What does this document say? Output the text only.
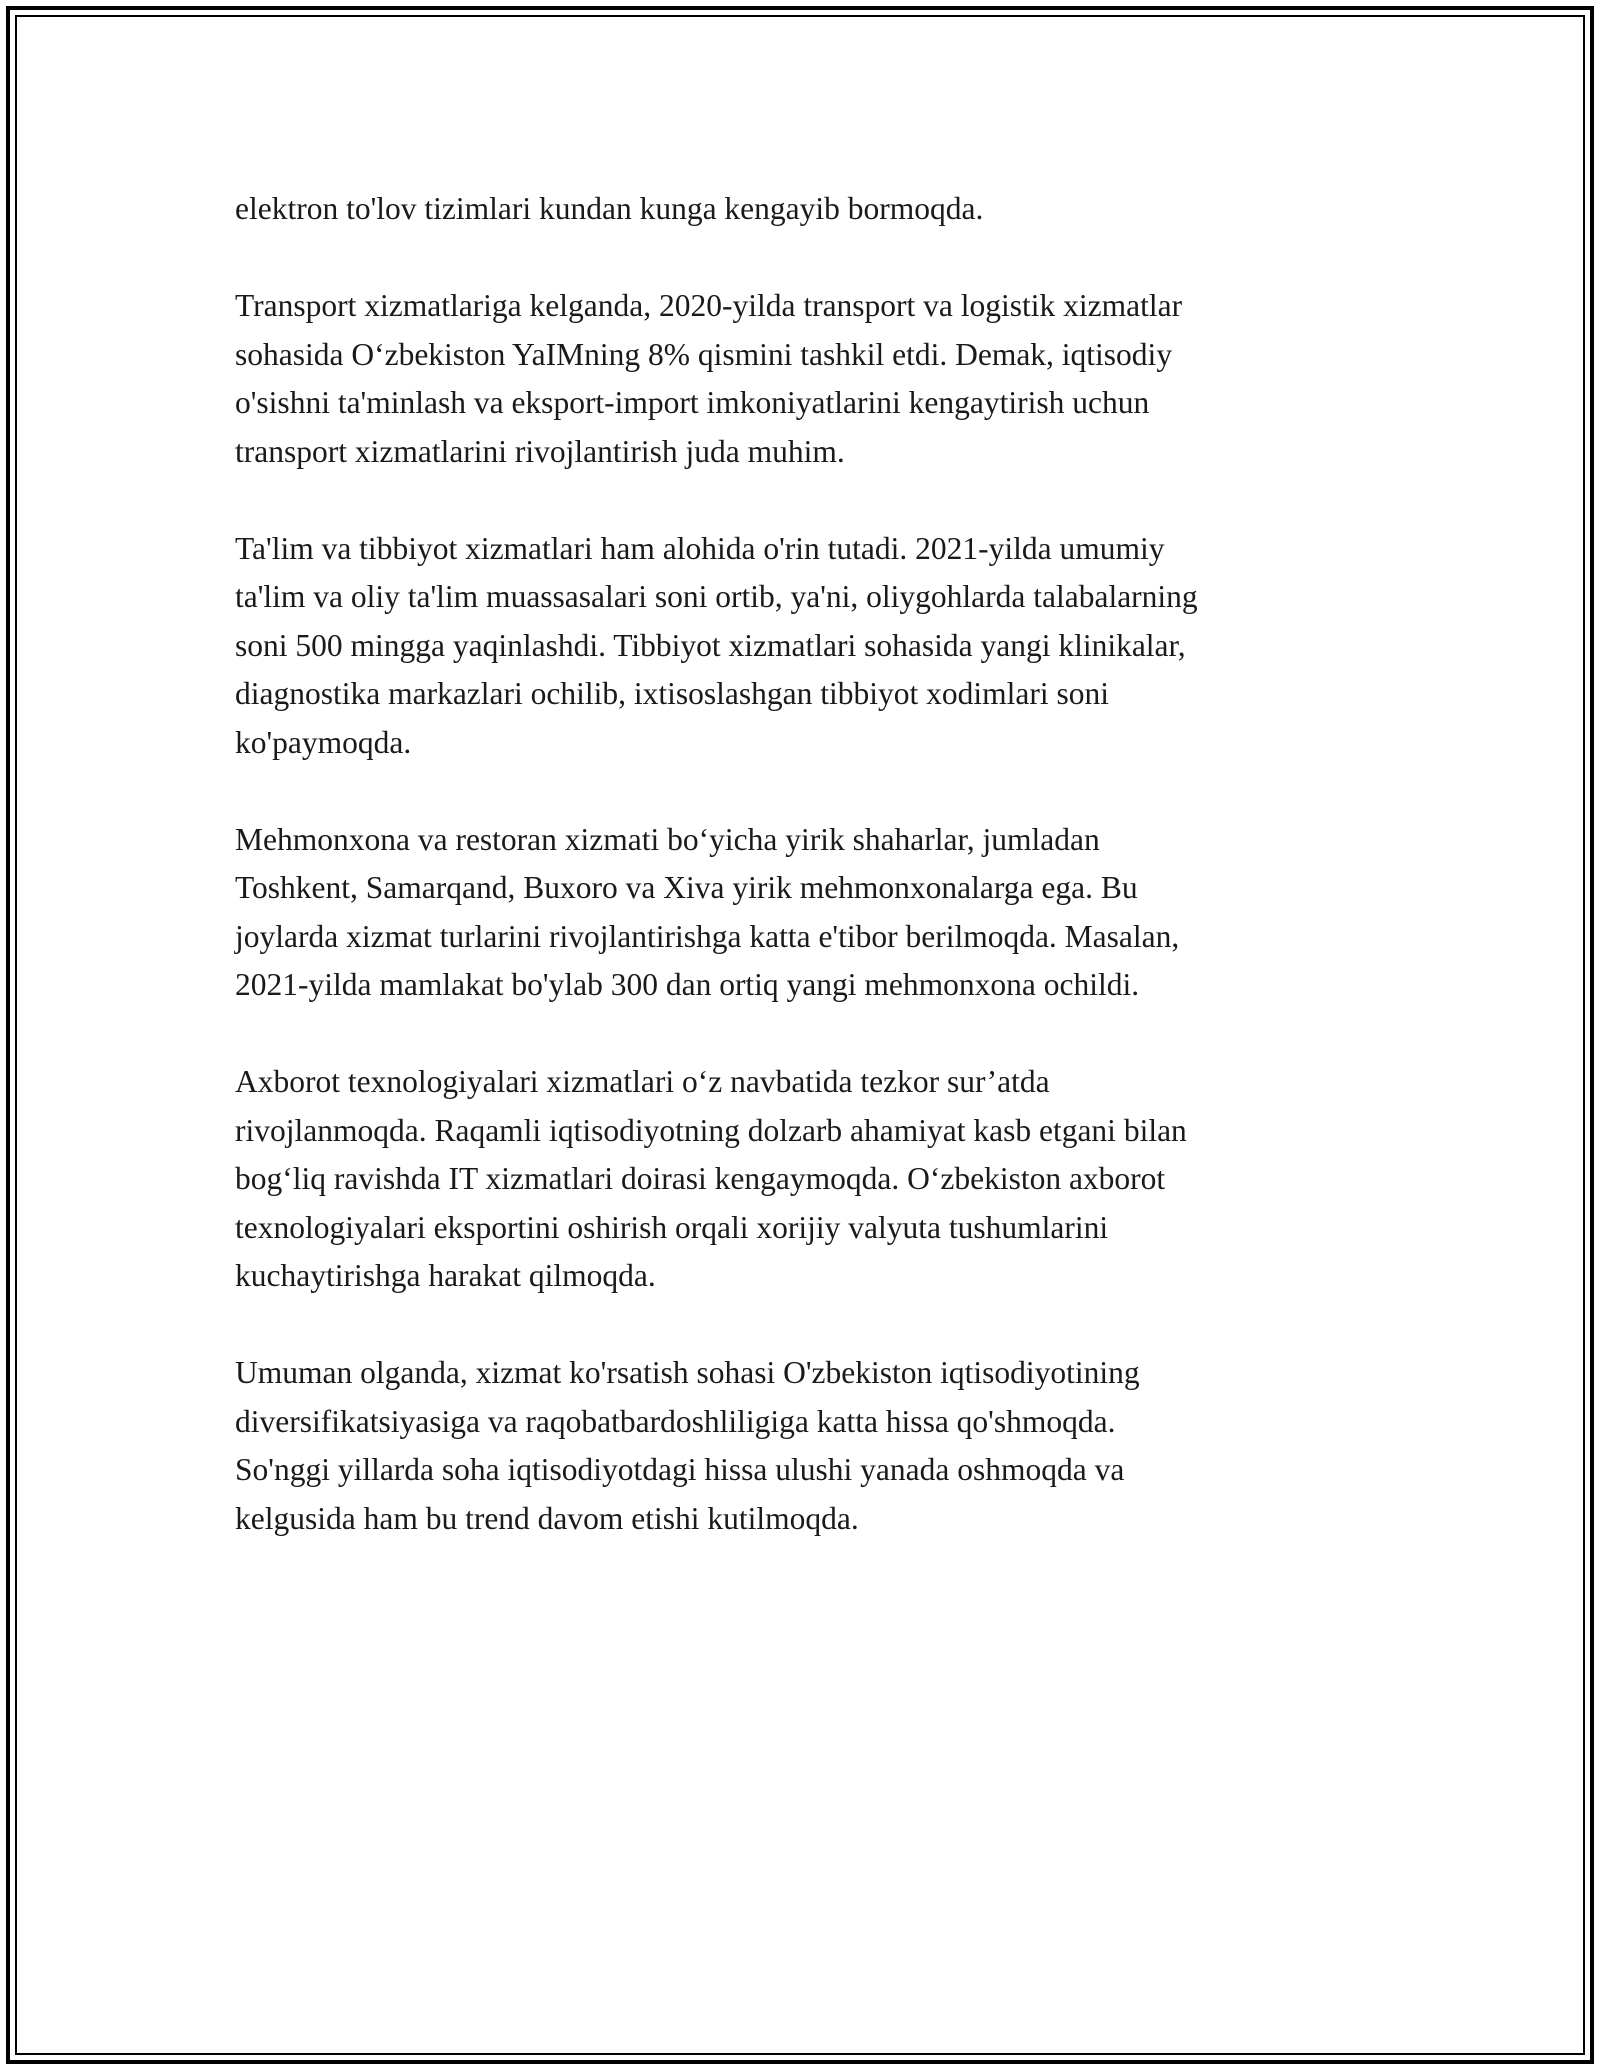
elektron to'lov tizimlari kundan kunga kengayib bormoqda.

Transport xizmatlariga kelganda, 2020-yilda transport va logistik xizmatlar
sohasida O‘zbekiston YaIMning 8% qismini tashkil etdi. Demak, iqtisodiy
o'sishni ta'minlash va eksport-import imkoniyatlarini kengaytirish uchun
transport xizmatlarini rivojlantirish juda muhim.

Ta'lim va tibbiyot xizmatlari ham alohida o'rin tutadi. 2021-yilda umumiy
ta'lim va oliy ta'lim muassasalari soni ortib, ya'ni, oliygohlarda talabalarning
soni 500 mingga yaqinlashdi. Tibbiyot xizmatlari sohasida yangi klinikalar,
diagnostika markazlari ochilib, ixtisoslashgan tibbiyot xodimlari soni
ko'paymoqda.

Mehmonxona va restoran xizmati bo‘yicha yirik shaharlar, jumladan
Toshkent, Samarqand, Buxoro va Xiva yirik mehmonxonalarga ega. Bu
joylarda xizmat turlarini rivojlantirishga katta e'tibor berilmoqda. Masalan,
2021-yilda mamlakat bo'ylab 300 dan ortiq yangi mehmonxona ochildi.

Axborot texnologiyalari xizmatlari o‘z navbatida tezkor sur’atda
rivojlanmoqda. Raqamli iqtisodiyotning dolzarb ahamiyat kasb etgani bilan
bog‘liq ravishda IT xizmatlari doirasi kengaymoqda. O‘zbekiston axborot
texnologiyalari eksportini oshirish orqali xorijiy valyuta tushumlarini
kuchaytirishga harakat qilmoqda.

Umuman olganda, xizmat ko'rsatish sohasi O'zbekiston iqtisodiyotining
diversifikatsiyasiga va raqobatbardoshliligiga katta hissa qo'shmoqda.
So'nggi yillarda soha iqtisodiyotdagi hissa ulushi yanada oshmoqda va
kelgusida ham bu trend davom etishi kutilmoqda.
